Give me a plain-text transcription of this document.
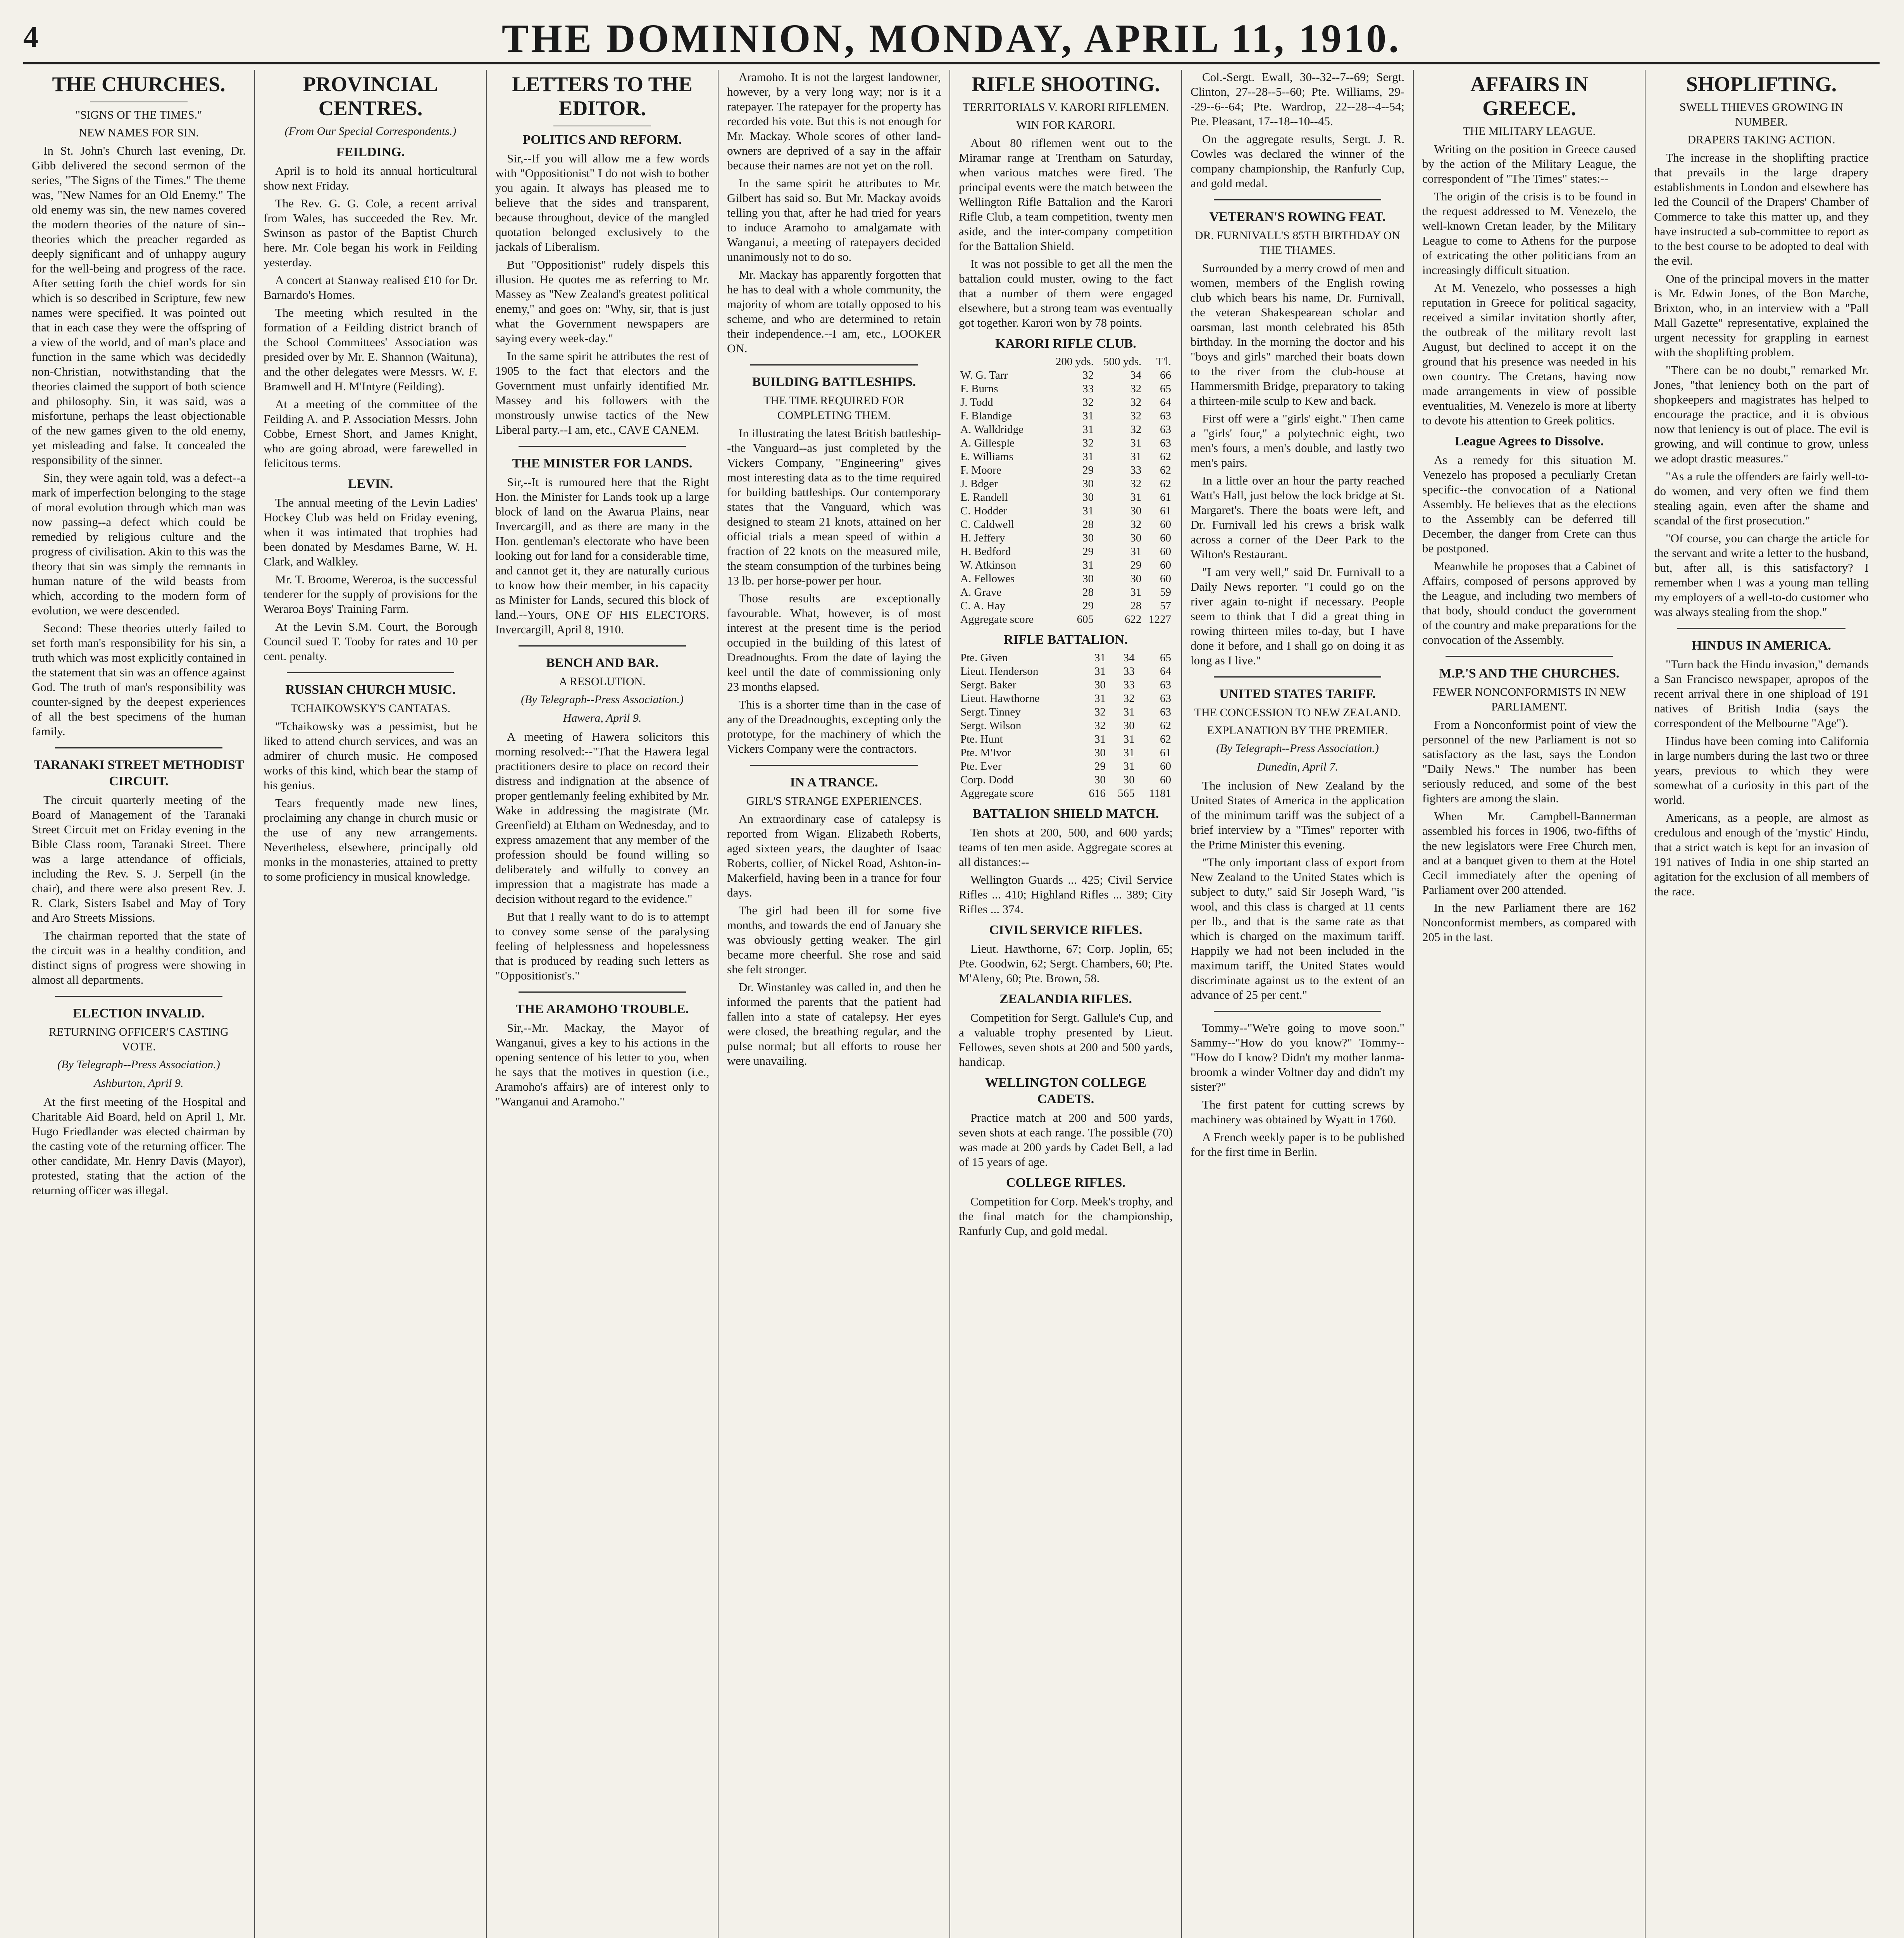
4	THE DOMINION, MONDAY, APRIL 11, 1910.
THE CHURCHES.
"SIGNS OF THE TIMES."
NEW NAMES FOR SIN.

In St. John's Church last evening, Dr. Gibb delivered the second sermon of the series, "The Signs of the Times." The theme was, "New Names for an Old Enemy." The old enemy was sin, the new names covered the modern theories of the nature of sin--theories which the preacher regarded as deeply significant and of unhappy augury for the well-being and progress of the race. After setting forth the chief words for sin which is so described in Scripture, few new names were specified. It was pointed out that in each case they were the offspring of a view of the world, and of man's place and function in the same which was decidedly non-Christian, notwithstanding that the theories claimed the support of both science and philosophy. Sin, it was said, was a misfortune, perhaps the least objectionable of the new games given to the old enemy, yet misleading and false. It concealed the responsibility of the sinner.

Sin, they were again told, was a defect--a mark of imperfection belonging to the stage of moral evolution through which man was now passing--a defect which could be remedied by religious culture and the progress of civilisation. Akin to this was the theory that sin was simply the remnants in human nature of the wild beasts from which, according to the modern form of evolution, we were descended.

Second: These theories utterly failed to set forth man's responsibility for his sin, a truth which was most explicitly contained in the statement that sin was an offence against God. The truth of man's responsibility was counter-signed by the deepest experiences of all the best specimens of the human family.

TARANAKI STREET METHODIST CIRCUIT.

The circuit quarterly meeting of the Board of Management of the Taranaki Street Circuit met on Friday evening in the Bible Class room, Taranaki Street. There was a large attendance of officials, including the Rev. S. J. Serpell (in the chair), and there were also present Rev. J. R. Clark, Sisters Isabel and May of Tory and Aro Streets Missions.

The chairman reported that the state of the circuit was in a healthy condition, and distinct signs of progress were showing in almost all departments.

ELECTION INVALID.
RETURNING OFFICER'S CASTING VOTE.
(By Telegraph--Press Association.)
Ashburton, April 9.

At the first meeting of the Hospital and Charitable Aid Board, held on April 1, Mr. Hugo Friedlander was elected chairman by the casting vote of the returning officer. The other candidate, Mr. Henry Davis (Mayor), protested, stating that the action of the returning officer was illegal.

PROVINCIAL CENTRES.
(From Our Special Correspondents.)
FEILDING.

April is to hold its annual horticultural show next Friday.

The Rev. G. G. Cole, a recent arrival from Wales, has succeeded the Rev. Mr. Swinson as pastor of the Baptist Church here. Mr. Cole began his work in Feilding yesterday.

A concert at Stanway realised £10 for Dr. Barnardo's Homes.

The meeting which resulted in the formation of a Feilding district branch of the School Committees' Association was presided over by Mr. E. Shannon (Waituna), and the other delegates were Messrs. W. F. Bramwell and H. M'Intyre (Feilding).

At a meeting of the committee of the Feilding A. and P. Association Messrs. John Cobbe, Ernest Short, and James Knight, who are going abroad, were farewelled in felicitous terms.

LEVIN.

The annual meeting of the Levin Ladies' Hockey Club was held on Friday evening, when it was intimated that trophies had been donated by Mesdames Barne, W. H. Clark, and Walkley.

Mr. T. Broome, Wereroa, is the successful tenderer for the supply of provisions for the Weraroa Boys' Training Farm.

At the Levin S.M. Court, the Borough Council sued T. Tooby for rates and 10 per cent. penalty.

RUSSIAN CHURCH MUSIC.
TCHAIKOWSKY'S CANTATAS.

"Tchaikowsky was a pessimist, but he liked to attend church services, and was an admirer of church music. He composed works of this kind, which bear the stamp of his genius.

Tears frequently made new lines, proclaiming any change in church music or the use of any new arrangements. Nevertheless, elsewhere, principally old monks in the monasteries, attained to pretty to some proficiency in musical knowledge.

LETTERS TO THE EDITOR.
POLITICS AND REFORM.

Sir,--If you will allow me a few words with "Oppositionist" I do not wish to bother you again. It always has pleased me to believe that the sides and transparent, because throughout, device of the mangled quotation belonged exclusively to the jackals of Liberalism.

But "Oppositionist" rudely dispels this illusion. He quotes me as referring to Mr. Massey as "New Zealand's greatest political enemy," and goes on: "Why, sir, that is just what the Government newspapers are saying every week-day."

In the same spirit he attributes the rest of 1905 to the fact that electors and the Government must unfairly identified Mr. Massey and his followers with the monstrously unwise tactics of the New Liberal party.--I am, etc., CAVE CANEM.

THE MINISTER FOR LANDS.

Sir,--It is rumoured here that the Right Hon. the Minister for Lands took up a large block of land on the Awarua Plains, near Invercargill, and as there are many in the Hon. gentleman's electorate who have been looking out for land for a considerable time, and cannot get it, they are naturally curious to know how their member, in his capacity as Minister for Lands, secured this block of land.--Yours, ONE OF HIS ELECTORS. Invercargill, April 8, 1910.

BENCH AND BAR.
A RESOLUTION.
(By Telegraph--Press Association.)
Hawera, April 9.

A meeting of Hawera solicitors this morning resolved:--"That the Hawera legal practitioners desire to place on record their distress and indignation at the absence of proper gentlemanly feeling exhibited by Mr. Wake in addressing the magistrate (Mr. Greenfield) at Eltham on Wednesday, and to express amazement that any member of the profession should be found willing so deliberately and wilfully to convey an impression that a magistrate has made a decision without regard to the evidence."

But that I really want to do is to attempt to convey some sense of the paralysing feeling of helplessness and hopelessness that is produced by reading such letters as "Oppositionist's."

THE ARAMOHO TROUBLE.

Sir,--Mr. Mackay, the Mayor of Wanganui, gives a key to his actions in the opening sentence of his letter to you, when he says that the motives in question (i.e., Aramoho's affairs) are of interest only to "Wanganui and Aramoho."

Aramoho. It is not the largest landowner, however, by a very long way; nor is it a ratepayer. The ratepayer for the property has recorded his vote. But this is not enough for Mr. Mackay. Whole scores of other land-owners are deprived of a say in the affair because their names are not yet on the roll.

In the same spirit he attributes to Mr. Gilbert has said so. But Mr. Mackay avoids telling you that, after he had tried for years to induce Aramoho to amalgamate with Wanganui, a meeting of ratepayers decided unanimously not to do so.

Mr. Mackay has apparently forgotten that he has to deal with a whole community, the majority of whom are totally opposed to his scheme, and who are determined to retain their independence.--I am, etc., LOOKER ON.

BUILDING BATTLESHIPS.
THE TIME REQUIRED FOR COMPLETING THEM.

In illustrating the latest British battleship--the Vanguard--as just completed by the Vickers Company, "Engineering" gives most interesting data as to the time required for building battleships. Our contemporary states that the Vanguard, which was designed to steam 21 knots, attained on her official trials a mean speed of within a fraction of 22 knots on the measured mile, the steam consumption of the turbines being 13 lb. per horse-power per hour.

Those results are exceptionally favourable. What, however, is of most interest at the present time is the period occupied in the building of this latest of Dreadnoughts. From the date of laying the keel until the date of commissioning only 23 months elapsed.

This is a shorter time than in the case of any of the Dreadnoughts, excepting only the prototype, for the machinery of which the Vickers Company were the contractors.

IN A TRANCE.
GIRL'S STRANGE EXPERIENCES.

An extraordinary case of catalepsy is reported from Wigan. Elizabeth Roberts, aged sixteen years, the daughter of Isaac Roberts, collier, of Nickel Road, Ashton-in-Makerfield, having been in a trance for four days.

The girl had been ill for some five months, and towards the end of January she was obviously getting weaker. The girl became more cheerful. She rose and said she felt stronger.

Dr. Winstanley was called in, and then he informed the parents that the patient had fallen into a state of catalepsy. Her eyes were closed, the breathing regular, and the pulse normal; but all efforts to rouse her were unavailing.

RIFLE SHOOTING.
TERRITORIALS V. KARORI RIFLEMEN.
WIN FOR KARORI.

About 80 riflemen went out to the Miramar range at Trentham on Saturday, when various matches were fired. The principal events were the match between the Wellington Rifle Battalion and the Karori Rifle Club, a team competition, twenty men aside, and the inter-company competition for the Battalion Shield.

It was not possible to get all the men the battalion could muster, owing to the fact that a number of them were engaged elsewhere, but a strong team was eventually got together. Karori won by 78 points.

KARORI RIFLE CLUB.
	200 yds.	500 yds.	T'l.
W. G. Tarr	32	34	66
F. Burns	33	32	65
J. Todd	32	32	64
F. Blandige	31	32	63
A. Walldridge	31	32	63
A. Gillesple	32	31	63
E. Williams	31	31	62
F. Moore	29	33	62
J. Bdger	30	32	62
E. Randell	30	31	61
C. Hodder	31	30	61
C. Caldwell	28	32	60
H. Jeffery	30	30	60
H. Bedford	29	31	60
W. Atkinson	31	29	60
A. Fellowes	30	30	60
A. Grave	28	31	59
C. A. Hay	29	28	57
Aggregate score	605	622	1227
RIFLE BATTALION.
Pte. Given	31	34	65
Lieut. Henderson	31	33	64
Sergt. Baker	30	33	63
Lieut. Hawthorne	31	32	63
Sergt. Tinney	32	31	63
Sergt. Wilson	32	30	62
Pte. Hunt	31	31	62
Pte. M'Ivor	30	31	61
Pte. Ever	29	31	60
Corp. Dodd	30	30	60
Aggregate score	616	565	1181
BATTALION SHIELD MATCH.

Ten shots at 200, 500, and 600 yards; teams of ten men aside. Aggregate scores at all distances:--

Wellington Guards ... 425; Civil Service Rifles ... 410; Highland Rifles ... 389; City Rifles ... 374.

CIVIL SERVICE RIFLES.

Lieut. Hawthorne, 67; Corp. Joplin, 65; Pte. Goodwin, 62; Sergt. Chambers, 60; Pte. M'Aleny, 60; Pte. Brown, 58.

ZEALANDIA RIFLES.

Competition for Sergt. Gallule's Cup, and a valuable trophy presented by Lieut. Fellowes, seven shots at 200 and 500 yards, handicap.

WELLINGTON COLLEGE CADETS.

Practice match at 200 and 500 yards, seven shots at each range. The possible (70) was made at 200 yards by Cadet Bell, a lad of 15 years of age.

COLLEGE RIFLES.

Competition for Corp. Meek's trophy, and the final match for the championship, Ranfurly Cup, and gold medal.

Col.-Sergt. Ewall, 30--32--7--69; Sergt. Clinton, 27--28--5--60; Pte. Williams, 29--29--6--64; Pte. Wardrop, 22--28--4--54; Pte. Pleasant, 17--18--10--45.

On the aggregate results, Sergt. J. R. Cowles was declared the winner of the company championship, the Ranfurly Cup, and gold medal.

VETERAN'S ROWING FEAT.
DR. FURNIVALL'S 85TH BIRTHDAY ON THE THAMES.

Surrounded by a merry crowd of men and women, members of the English rowing club which bears his name, Dr. Furnivall, the veteran Shakespearean scholar and oarsman, last month celebrated his 85th birthday. In the morning the doctor and his "boys and girls" marched their boats down to the river from the club-house at Hammersmith Bridge, preparatory to taking a thirteen-mile sculp to Kew and back.

First off were a "girls' eight." Then came a "girls' four," a polytechnic eight, two men's fours, a men's double, and lastly two men's pairs.

In a little over an hour the party reached Watt's Hall, just below the lock bridge at St. Margaret's. There the boats were left, and Dr. Furnivall led his crews a brisk walk across a corner of the Deer Park to the Wilton's Restaurant.

"I am very well," said Dr. Furnivall to a Daily News reporter. "I could go on the river again to-night if necessary. People seem to think that I did a great thing in rowing thirteen miles to-day, but I have done it before, and I shall go on doing it as long as I live."

UNITED STATES TARIFF.
THE CONCESSION TO NEW ZEALAND.
EXPLANATION BY THE PREMIER.
(By Telegraph--Press Association.)
Dunedin, April 7.

The inclusion of New Zealand by the United States of America in the application of the minimum tariff was the subject of a brief interview by a "Times" reporter with the Prime Minister this evening.

"The only important class of export from New Zealand to the United States which is subject to duty," said Sir Joseph Ward, "is wool, and this class is charged at 11 cents per lb., and that is the same rate as that which is charged on the maximum tariff. Happily we had not been included in the maximum tariff, the United States would discriminate against us to the extent of an advance of 25 per cent."

Tommy--"We're going to move soon." Sammy--"How do you know?" Tommy--"How do I know? Didn't my mother lanma-broomk a winder Voltner day and didn't my sister?"

The first patent for cutting screws by machinery was obtained by Wyatt in 1760.

A French weekly paper is to be published for the first time in Berlin.

AFFAIRS IN GREECE.
THE MILITARY LEAGUE.

Writing on the position in Greece caused by the action of the Military League, the correspondent of "The Times" states:--

The origin of the crisis is to be found in the request addressed to M. Venezelo, the well-known Cretan leader, by the Military League to come to Athens for the purpose of extricating the other politicians from an increasingly difficult situation.

At M. Venezelo, who possesses a high reputation in Greece for political sagacity, received a similar invitation shortly after, the outbreak of the military revolt last August, but declined to accept it on the ground that his presence was needed in his own country. The Cretans, having now made arrangements in view of possible eventualities, M. Venezelo is more at liberty to devote his attention to Greek politics.

League Agrees to Dissolve.

As a remedy for this situation M. Venezelo has proposed a peculiarly Cretan specific--the convocation of a National Assembly. He believes that as the elections to the Assembly can be deferred till December, the danger from Crete can thus be postponed.

Meanwhile he proposes that a Cabinet of Affairs, composed of persons approved by the League, and including two members of that body, should conduct the government of the country and make preparations for the convocation of the Assembly.

M.P.'S AND THE CHURCHES.
FEWER NONCONFORMISTS IN NEW PARLIAMENT.

From a Nonconformist point of view the personnel of the new Parliament is not so satisfactory as the last, says the London "Daily News." The number has been seriously reduced, and some of the best fighters are among the slain.

When Mr. Campbell-Bannerman assembled his forces in 1906, two-fifths of the new legislators were Free Church men, and at a banquet given to them at the Hotel Cecil immediately after the opening of Parliament over 200 attended.

In the new Parliament there are 162 Nonconformist members, as compared with 205 in the last.

SHOPLIFTING.
SWELL THIEVES GROWING IN NUMBER.
DRAPERS TAKING ACTION.

The increase in the shoplifting practice that prevails in the large drapery establishments in London and elsewhere has led the Council of the Drapers' Chamber of Commerce to take this matter up, and they have instructed a sub-committee to report as to the best course to be adopted to deal with the evil.

One of the principal movers in the matter is Mr. Edwin Jones, of the Bon Marche, Brixton, who, in an interview with a "Pall Mall Gazette" representative, explained the urgent necessity for grappling in earnest with the shoplifting problem.

"There can be no doubt," remarked Mr. Jones, "that leniency both on the part of shopkeepers and magistrates has helped to encourage the practice, and it is obvious now that leniency is out of place. The evil is growing, and will continue to grow, unless we adopt drastic measures."

"As a rule the offenders are fairly well-to-do women, and very often we find them stealing again, even after the shame and scandal of the first prosecution."

"Of course, you can charge the article for the servant and write a letter to the husband, but, after all, is this satisfactory? I remember when I was a young man telling my employers of a well-to-do customer who was always stealing from the shop."

HINDUS IN AMERICA.

"Turn back the Hindu invasion," demands a San Francisco newspaper, apropos of the recent arrival there in one shipload of 191 natives of British India (says the correspondent of the Melbourne "Age").

Hindus have been coming into California in large numbers during the last two or three years, previous to which they were somewhat of a curiosity in this part of the world.

Americans, as a people, are almost as credulous and enough of the 'mystic' Hindu, that a strict watch is kept for an invasion of 191 natives of India in one ship started an agitation for the exclusion of all members of the race.
